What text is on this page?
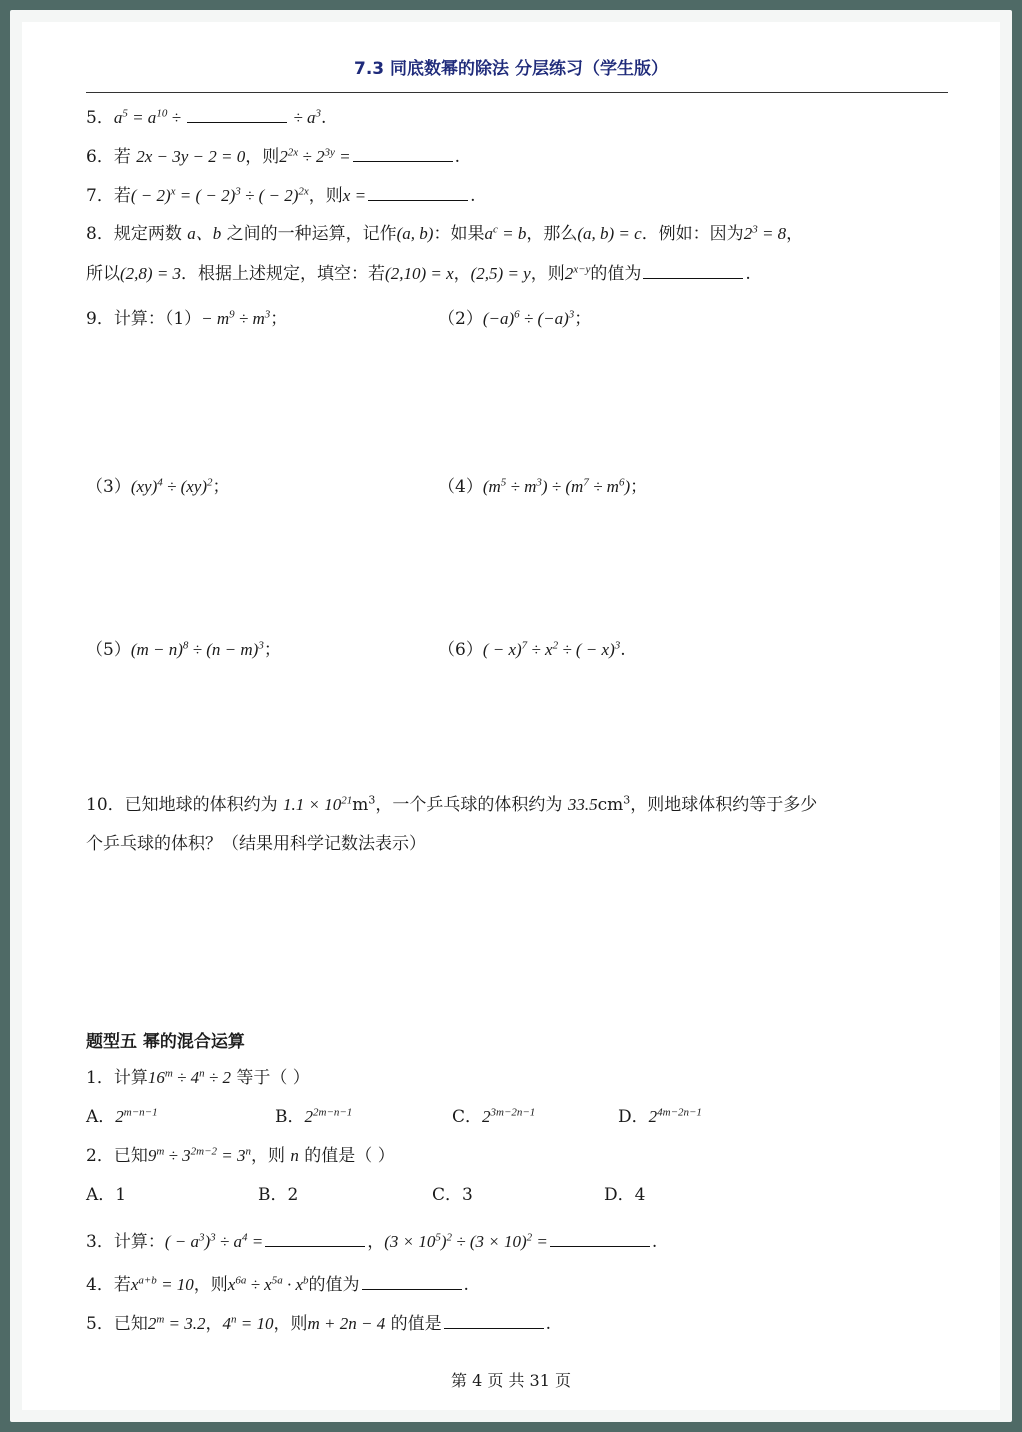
7.3 同底数幂的除法 分层练习（学生版）
5．$a^5 = a^{10}$ ÷	÷ $a^3$.
6．若 2x − 3y − 2 = 0，则$2^{2x} \div 2^{3y}$ =	.
7．若( − 2)$^x$ = ( − 2)$^3$ ÷ ( − 2)$^{2x}$，则x =	.
8．规定两数 a、b 之间的一种运算，记作(a, b)：如果$a^c = b$，那么(a, b) = c．例如：因为$2^3 = 8$，
所以(2,8) = 3．根据上述规定，填空：若(2,10) = x，(2,5) = y，则$2^{x-y}$的值为	.
9．计算：$(1)- m^9 \div m^3$；	$(2)(-a)^6 \div (-a)^3$；
（3）(xy)$^4$ ÷ (xy)$^2$；	$(4)(m^5 \div m^3) \div (m^7 \div m^6)$；
$(5)(m - n)^8 \div (n - m)^3$；	$(6)( - x)^7 \div x^2$ ÷ ( − x)$^3$.
10．已知地球的体积约为 $1.1 \times 10^{21}m^3$，一个乒乓球的体积约为 $33.5cm^3$，则地球体积约等于多少
个乒乓球的体积？（结果用科学记数法表示）
题型五 幂的混合运算
1．计算$16^m \div 4^n \div 2$ 等于（ ）
A．$2^{m-n-1}$	B．$2^{2m-n-1}$	C．$2^{3m-2n-1}$	D．$2^{4m-2n-1}$
2．已知$9^m \div 3^{2m-2} = 3^n$，则 n 的值是（ ）
A．1	B．2	C．3	D．4
3．计算：( − $a^3)^3 \div a^4$ =	，$(3 \times 10^5)^2 \div (3 \times 10)^2$ =	.
4．若$x^{a+b} = 10$，则$x^{6a} \div x^{5a} \cdot x^b$的值为	.
5．已知$2^m = 3.2$，$4^n = 10$，则m + 2n − 4 的值是	.
第 4 页 共 31 页
